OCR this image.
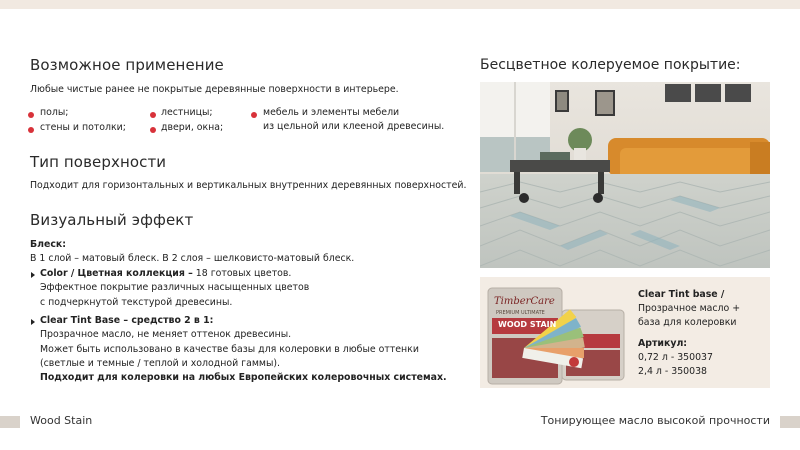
Возможное применение
Любые чистые ранее не покрытые деревянные поверхности в интерьере.
полы;
стены и потолки;
лестницы;
двери, окна;
мебель и элементы мебели
из цельной или клееной древесины.
Тип поверхности
Подходит для горизонтальных и вертикальных внутренних деревянных поверхностей.
Визуальный эффект
Блеск:
В 1 слой – матовый блеск. В 2 слоя – шелковисто-матовый блеск.
Color / Цветная коллекция – 18 готовых цветов.
Эффектное покрытие различных насыщенных цветов
с подчеркнутой текстурой древесины.
Clear Tint Base – средство 2 в 1:
Прозрачное масло, не меняет оттенок древесины.
Может быть использовано в качестве базы для колеровки в любые оттенки
(светлые и темные / теплой и холодной гаммы).
Подходит для колеровки на любых Европейских колеровочных системах.
Бесцветное колеруемое покрытие:
TimberCare
PREMIUM ULTIMATE
WOOD STAIN
Clear Tint base /
Прозрачное масло +
база для колеровки
Артикул:
0,72 л - 350037
2,4 л - 350038
Wood Stain	Тонирующее масло высокой прочности
